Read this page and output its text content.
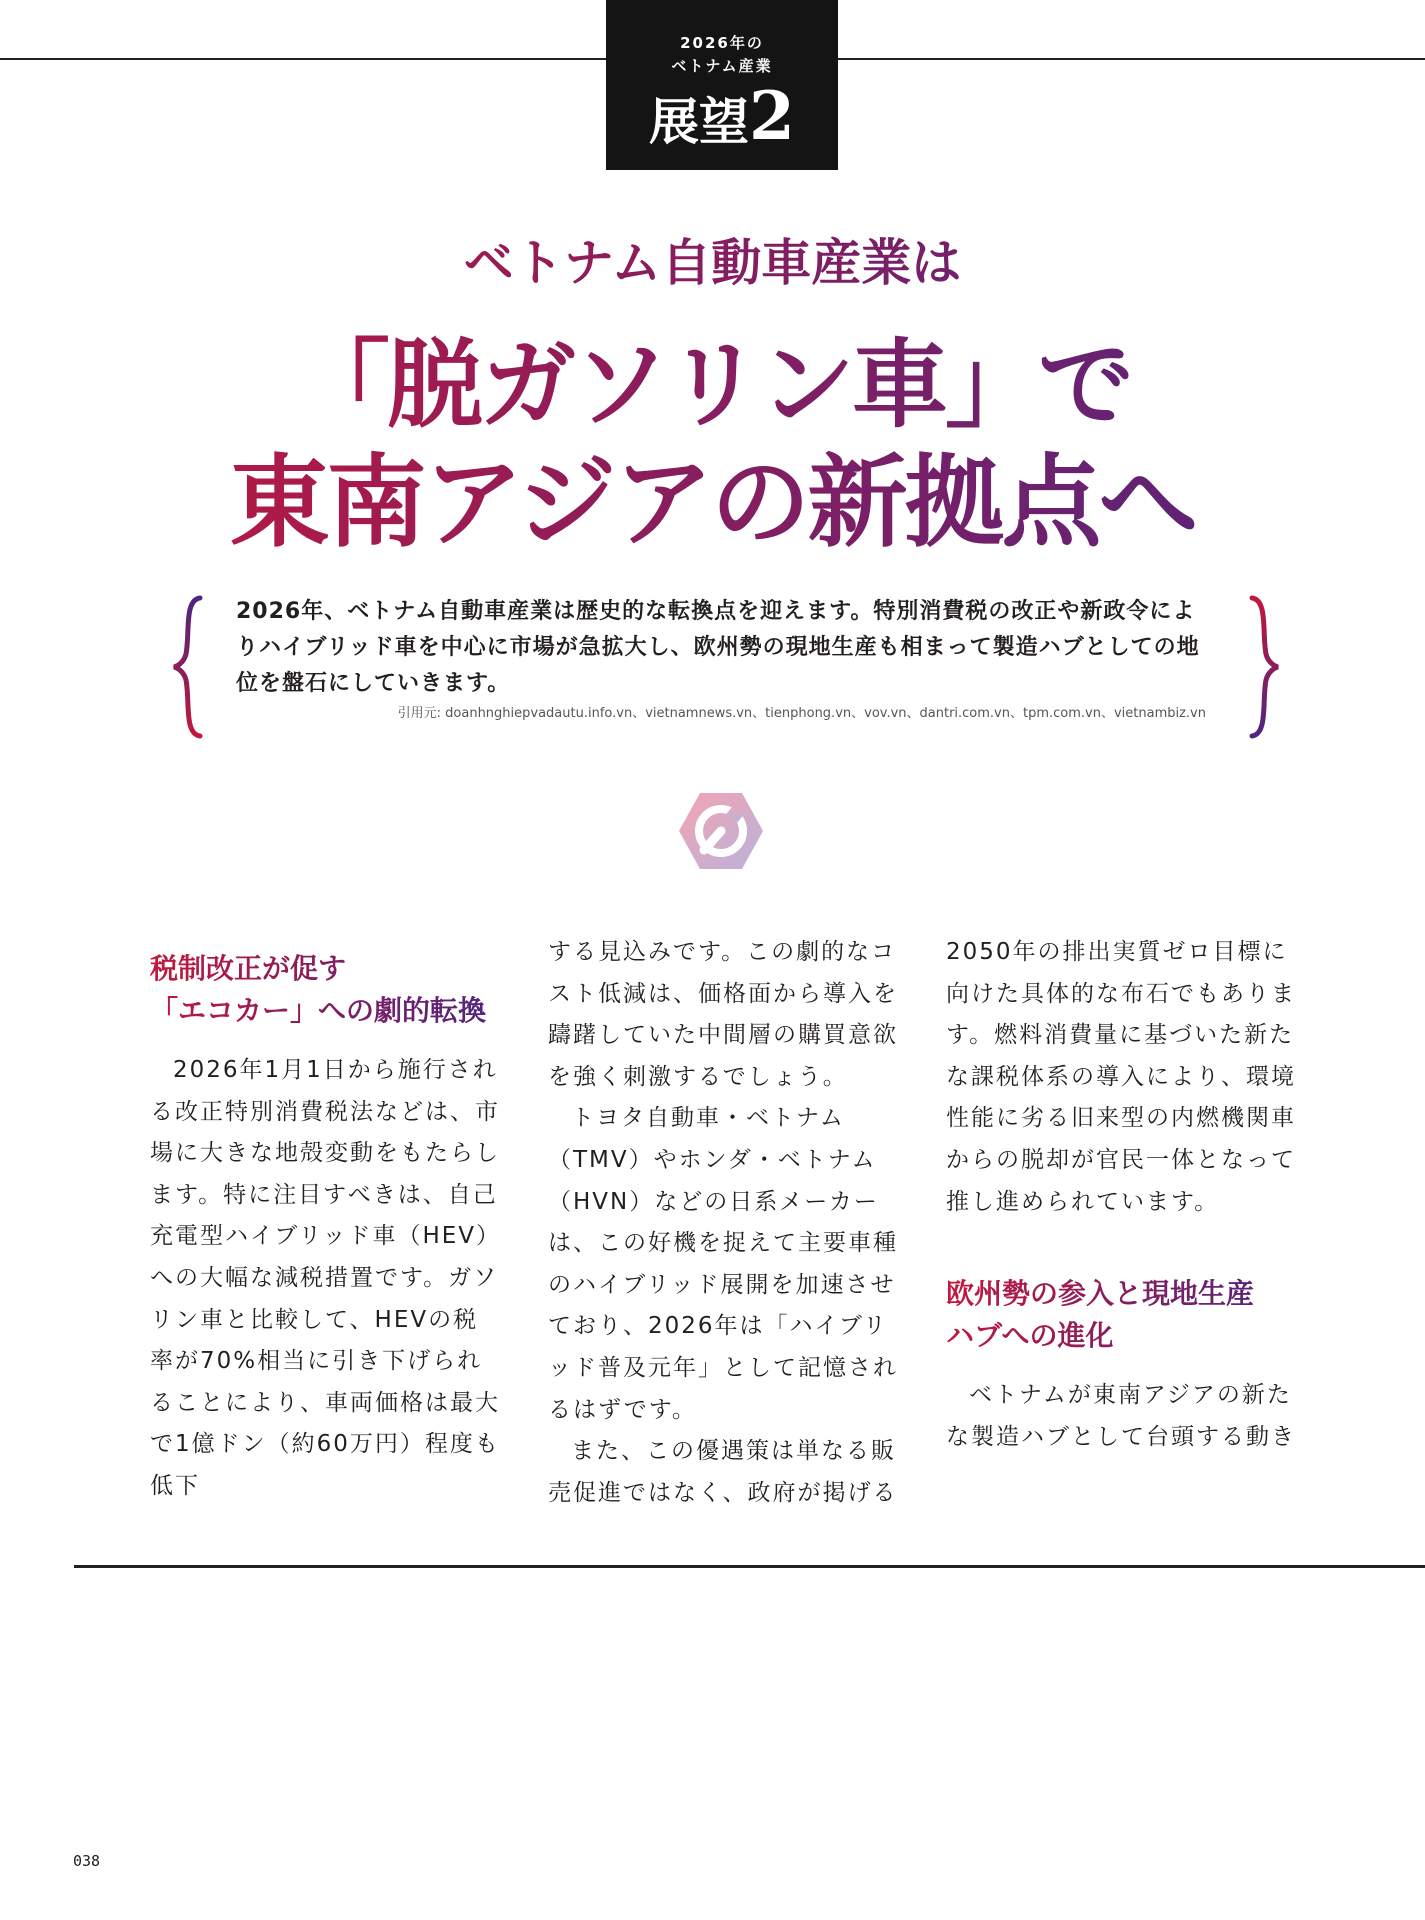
2026年の
ベトナム産業
展望2
ベトナム自動車産業は
「脱ガソリン車」で
東南アジアの新拠点へ
2026年、ベトナム自動車産業は歴史的な転換点を迎えます。特別消費税の改正や新政令によりハイブリッド車を中心に市場が急拡大し、欧州勢の現地生産も相まって製造ハブとしての地位を盤石にしていきます。
引用元: doanhnghiepvadautu.info.vn、vietnamnews.vn、tienphong.vn、vov.vn、dantri.com.vn、tpm.com.vn、vietnambiz.vn
税制改正が促す
「エコカー」への劇的転換

2026年1月1日から施行される改正特別消費税法などは、市場に大きな地殻変動をもたらします。特に注目すべきは、自己充電型ハイブリッド車（HEV）への大幅な減税措置です。ガソリン車と比較して、HEVの税率が70%相当に引き下げられることにより、車両価格は最大で1億ドン（約60万円）程度も低下

する見込みです。この劇的なコスト低減は、価格面から導入を躊躇していた中間層の購買意欲を強く刺激するでしょう。

トヨタ自動車・ベトナム（TMV）やホンダ・ベトナム（HVN）などの日系メーカーは、この好機を捉えて主要車種のハイブリッド展開を加速させており、2026年は「ハイブリッド普及元年」として記憶されるはずです。

また、この優遇策は単なる販売促進ではなく、政府が掲げる

2050年の排出実質ゼロ目標に向けた具体的な布石でもあります。燃料消費量に基づいた新たな課税体系の導入により、環境性能に劣る旧来型の内燃機関車からの脱却が官民一体となって推し進められています。

欧州勢の参入と現地生産
ハブへの進化

ベトナムが東南アジアの新たな製造ハブとして台頭する動き

038
